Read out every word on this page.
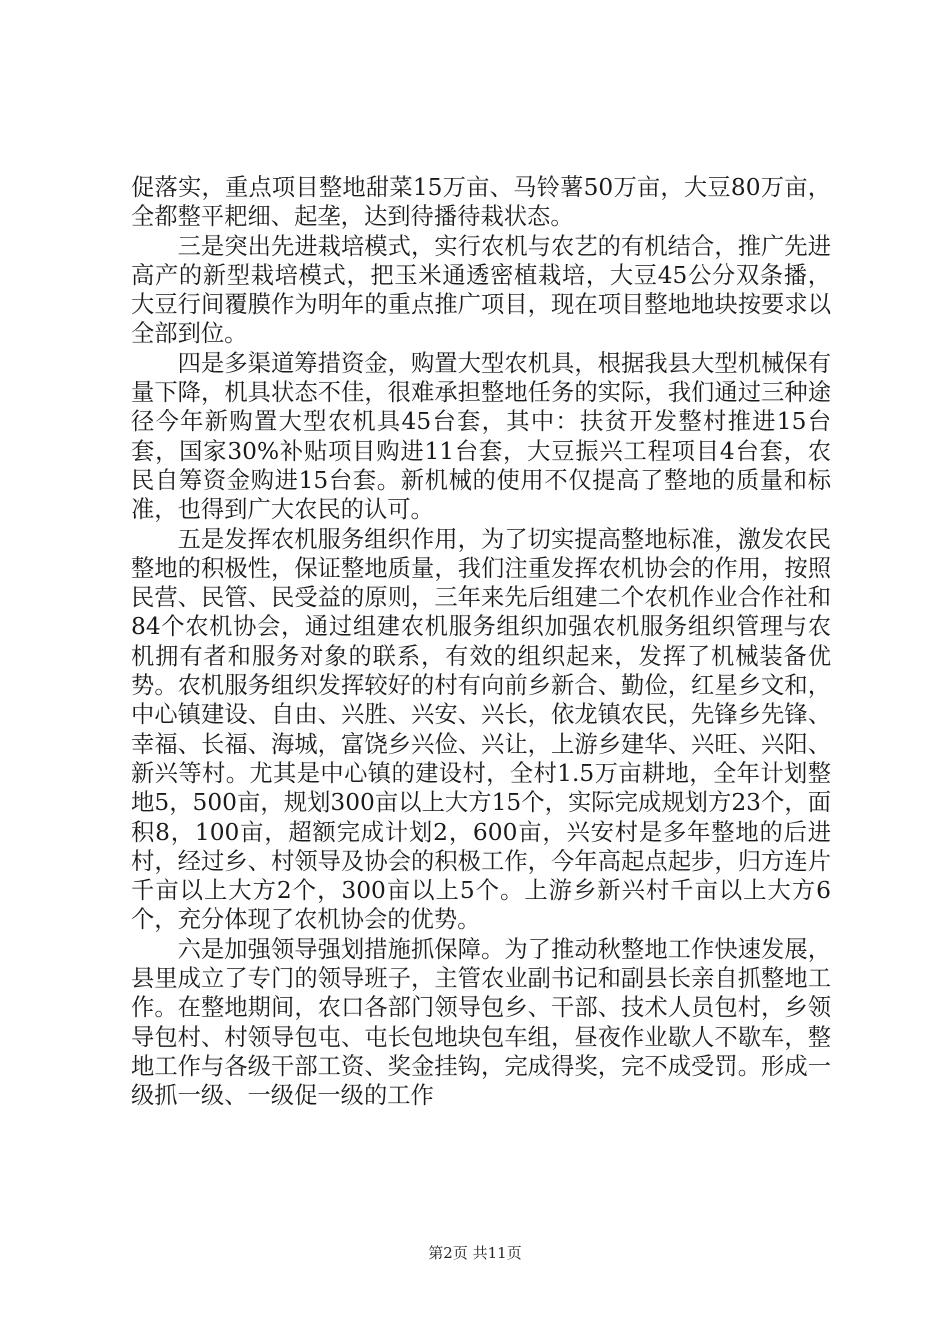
促落实，重点项目整地甜菜15万亩、马铃薯50万亩，大豆80万亩，全都整平耙细、起垄，达到待播待栽状态。

三是突出先进栽培模式，实行农机与农艺的有机结合，推广先进高产的新型栽培模式，把玉米通透密植栽培，大豆45公分双条播，大豆行间覆膜作为明年的重点推广项目，现在项目整地地块按要求以全部到位。

四是多渠道筹措资金，购置大型农机具，根据我县大型机械保有量下降，机具状态不佳，很难承担整地任务的实际，我们通过三种途径今年新购置大型农机具45台套，其中：扶贫开发整村推进15台套，国家30%补贴项目购进11台套，大豆振兴工程项目4台套，农民自筹资金购进15台套。新机械的使用不仅提高了整地的质量和标准，也得到广大农民的认可。

五是发挥农机服务组织作用，为了切实提高整地标准，激发农民整地的积极性，保证整地质量，我们注重发挥农机协会的作用，按照民营、民管、民受益的原则，三年来先后组建二个农机作业合作社和84个农机协会，通过组建农机服务组织加强农机服务组织管理与农机拥有者和服务对象的联系，有效的组织起来，发挥了机械装备优势。农机服务组织发挥较好的村有向前乡新合、勤俭，红星乡文和，中心镇建设、自由、兴胜、兴安、兴长，依龙镇农民，先锋乡先锋、幸福、长福、海城，富饶乡兴俭、兴让，上游乡建华、兴旺、兴阳、新兴等村。尤其是中心镇的建设村，全村1.5万亩耕地，全年计划整地5，500亩，规划300亩以上大方15个，实际完成规划方23个，面积8，100亩，超额完成计划2，600亩，兴安村是多年整地的后进村，经过乡、村领导及协会的积极工作，今年高起点起步，归方连片千亩以上大方2个，300亩以上5个。上游乡新兴村千亩以上大方6个，充分体现了农机协会的优势。

六是加强领导强划措施抓保障。为了推动秋整地工作快速发展，县里成立了专门的领导班子，主管农业副书记和副县长亲自抓整地工作。在整地期间，农口各部门领导包乡、干部、技术人员包村，乡领导包村、村领导包屯、屯长包地块包车组，昼夜作业歇人不歇车，整地工作与各级干部工资、奖金挂钩，完成得奖，完不成受罚。形成一级抓一级、一级促一级的工作

第2页 共11页
